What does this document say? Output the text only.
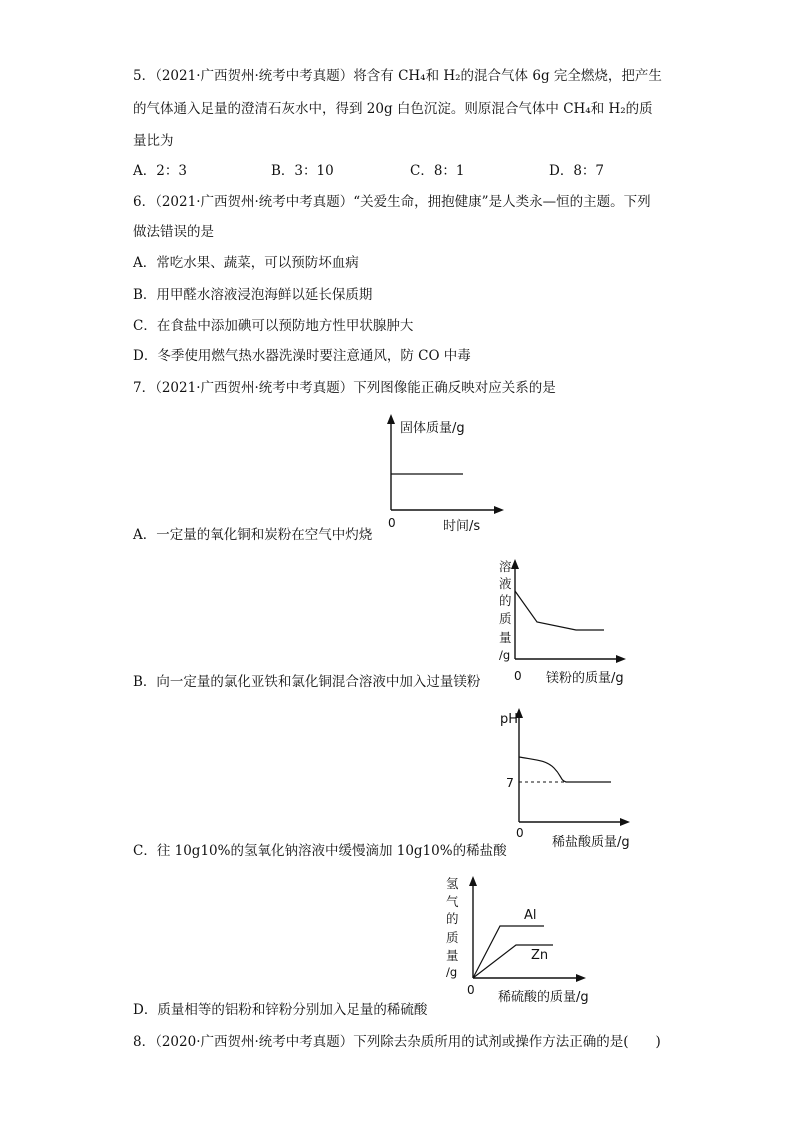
5．（2021·广西贺州·统考中考真题）将含有 CH₄和 H₂的混合气体 6g 完全燃烧，把产生
的气体通入足量的澄清石灰水中，得到 20g 白色沉淀。则原混合气体中 CH₄和 H₂的质
量比为
A．2：3	B．3：10	C．8：1	D．8：7
6．（2021·广西贺州·统考中考真题）“关爱生命，拥抱健康”是人类永—恒的主题。下列
做法错误的是
A．常吃水果、蔬菜，可以预防坏血病
B．用甲醛水溶液浸泡海鲜以延长保质期
C．在食盐中添加碘可以预防地方性甲状腺肿大
D．冬季使用燃气热水器洗澡时要注意通风，防 CO 中毒
7．（2021·广西贺州·统考中考真题）下列图像能正确反映对应关系的是
固体质量/g
0	时间/s
A．一定量的氧化铜和炭粉在空气中灼烧
溶
液
的
质
量
/g
0 镁粉的质量/g
B．向一定量的氯化亚铁和氯化铜混合溶液中加入过量镁粉
pH
7
0
稀盐酸质量/g
C．往 10g10%的氢氧化钠溶液中缓慢滴加 10g10%的稀盐酸
氢
气
的
质
量
/g
Al
Zn
0 稀硫酸的质量/g
D．质量相等的铝粉和锌粉分别加入足量的稀硫酸
8．（2020·广西贺州·统考中考真题）下列除去杂质所用的试剂或操作方法正确的是(　　)
